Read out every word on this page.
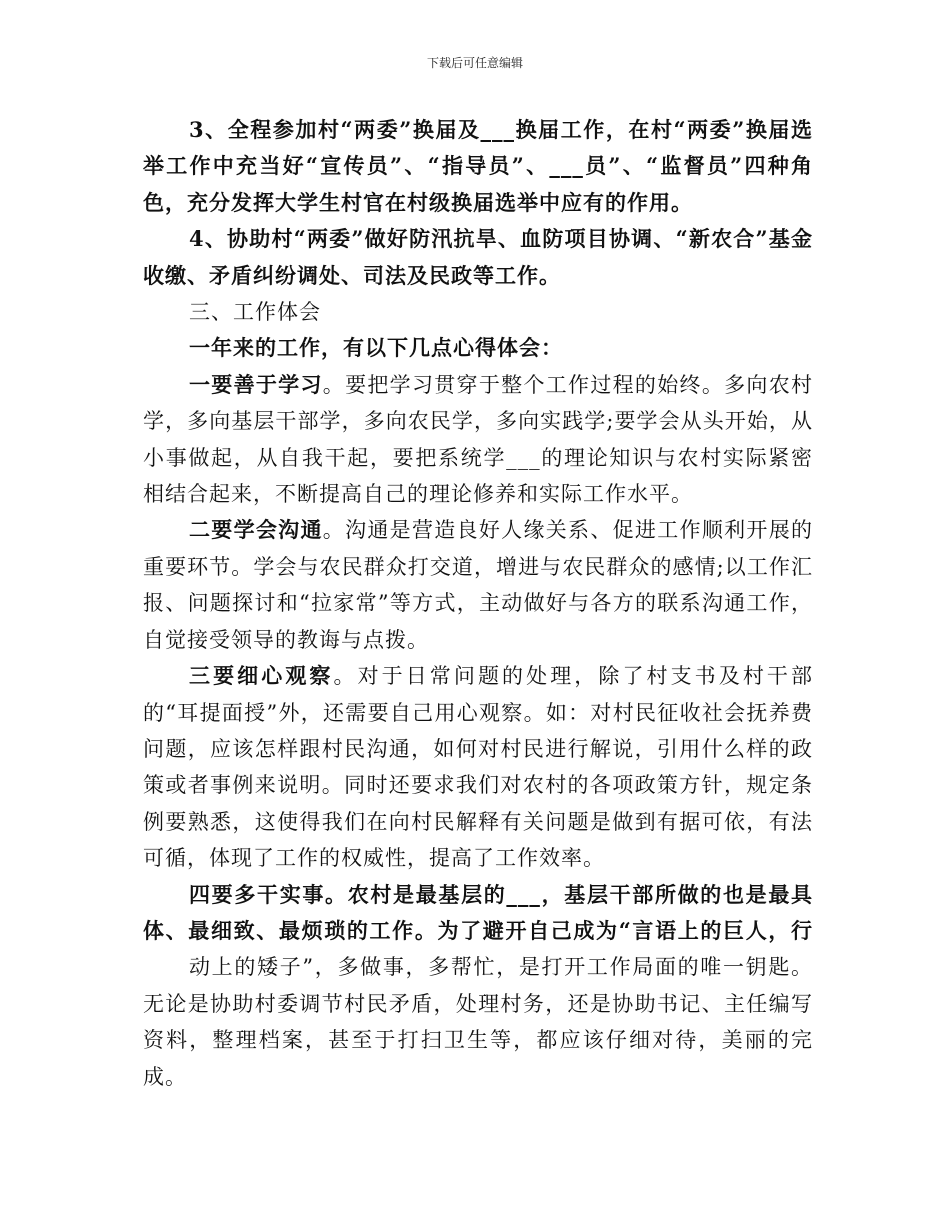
下载后可任意编辑

3、全程参加村“两委”换届及___换届工作，在村“两委”换届选举工作中充当好“宣传员”、“指导员”、___员”、“监督员”四种角色，充分发挥大学生村官在村级换届选举中应有的作用。

4、协助村“两委”做好防汛抗旱、血防项目协调、“新农合”基金收缴、矛盾纠纷调处、司法及民政等工作。

三、工作体会

一年来的工作，有以下几点心得体会：

一要善于学习。要把学习贯穿于整个工作过程的始终。多向农村学，多向基层干部学，多向农民学，多向实践学;要学会从头开始，从小事做起，从自我干起，要把系统学___的理论知识与农村实际紧密相结合起来，不断提高自己的理论修养和实际工作水平。

二要学会沟通。沟通是营造良好人缘关系、促进工作顺利开展的重要环节。学会与农民群众打交道，增进与农民群众的感情;以工作汇报、问题探讨和“拉家常”等方式，主动做好与各方的联系沟通工作，自觉接受领导的教诲与点拨。

三要细心观察。对于日常问题的处理，除了村支书及村干部的“耳提面授”外，还需要自己用心观察。如：对村民征收社会抚养费问题，应该怎样跟村民沟通，如何对村民进行解说，引用什么样的政策或者事例来说明。同时还要求我们对农村的各项政策方针，规定条例要熟悉，这使得我们在向村民解释有关问题是做到有据可依，有法可循，体现了工作的权威性，提高了工作效率。

四要多干实事。农村是最基层的___，基层干部所做的也是最具体、最细致、最烦琐的工作。为了避开自己成为“言语上的巨人，行

动上的矮子”，多做事，多帮忙，是打开工作局面的唯一钥匙。无论是协助村委调节村民矛盾，处理村务，还是协助书记、主任编写资料，整理档案，甚至于打扫卫生等，都应该仔细对待，美丽的完成。
